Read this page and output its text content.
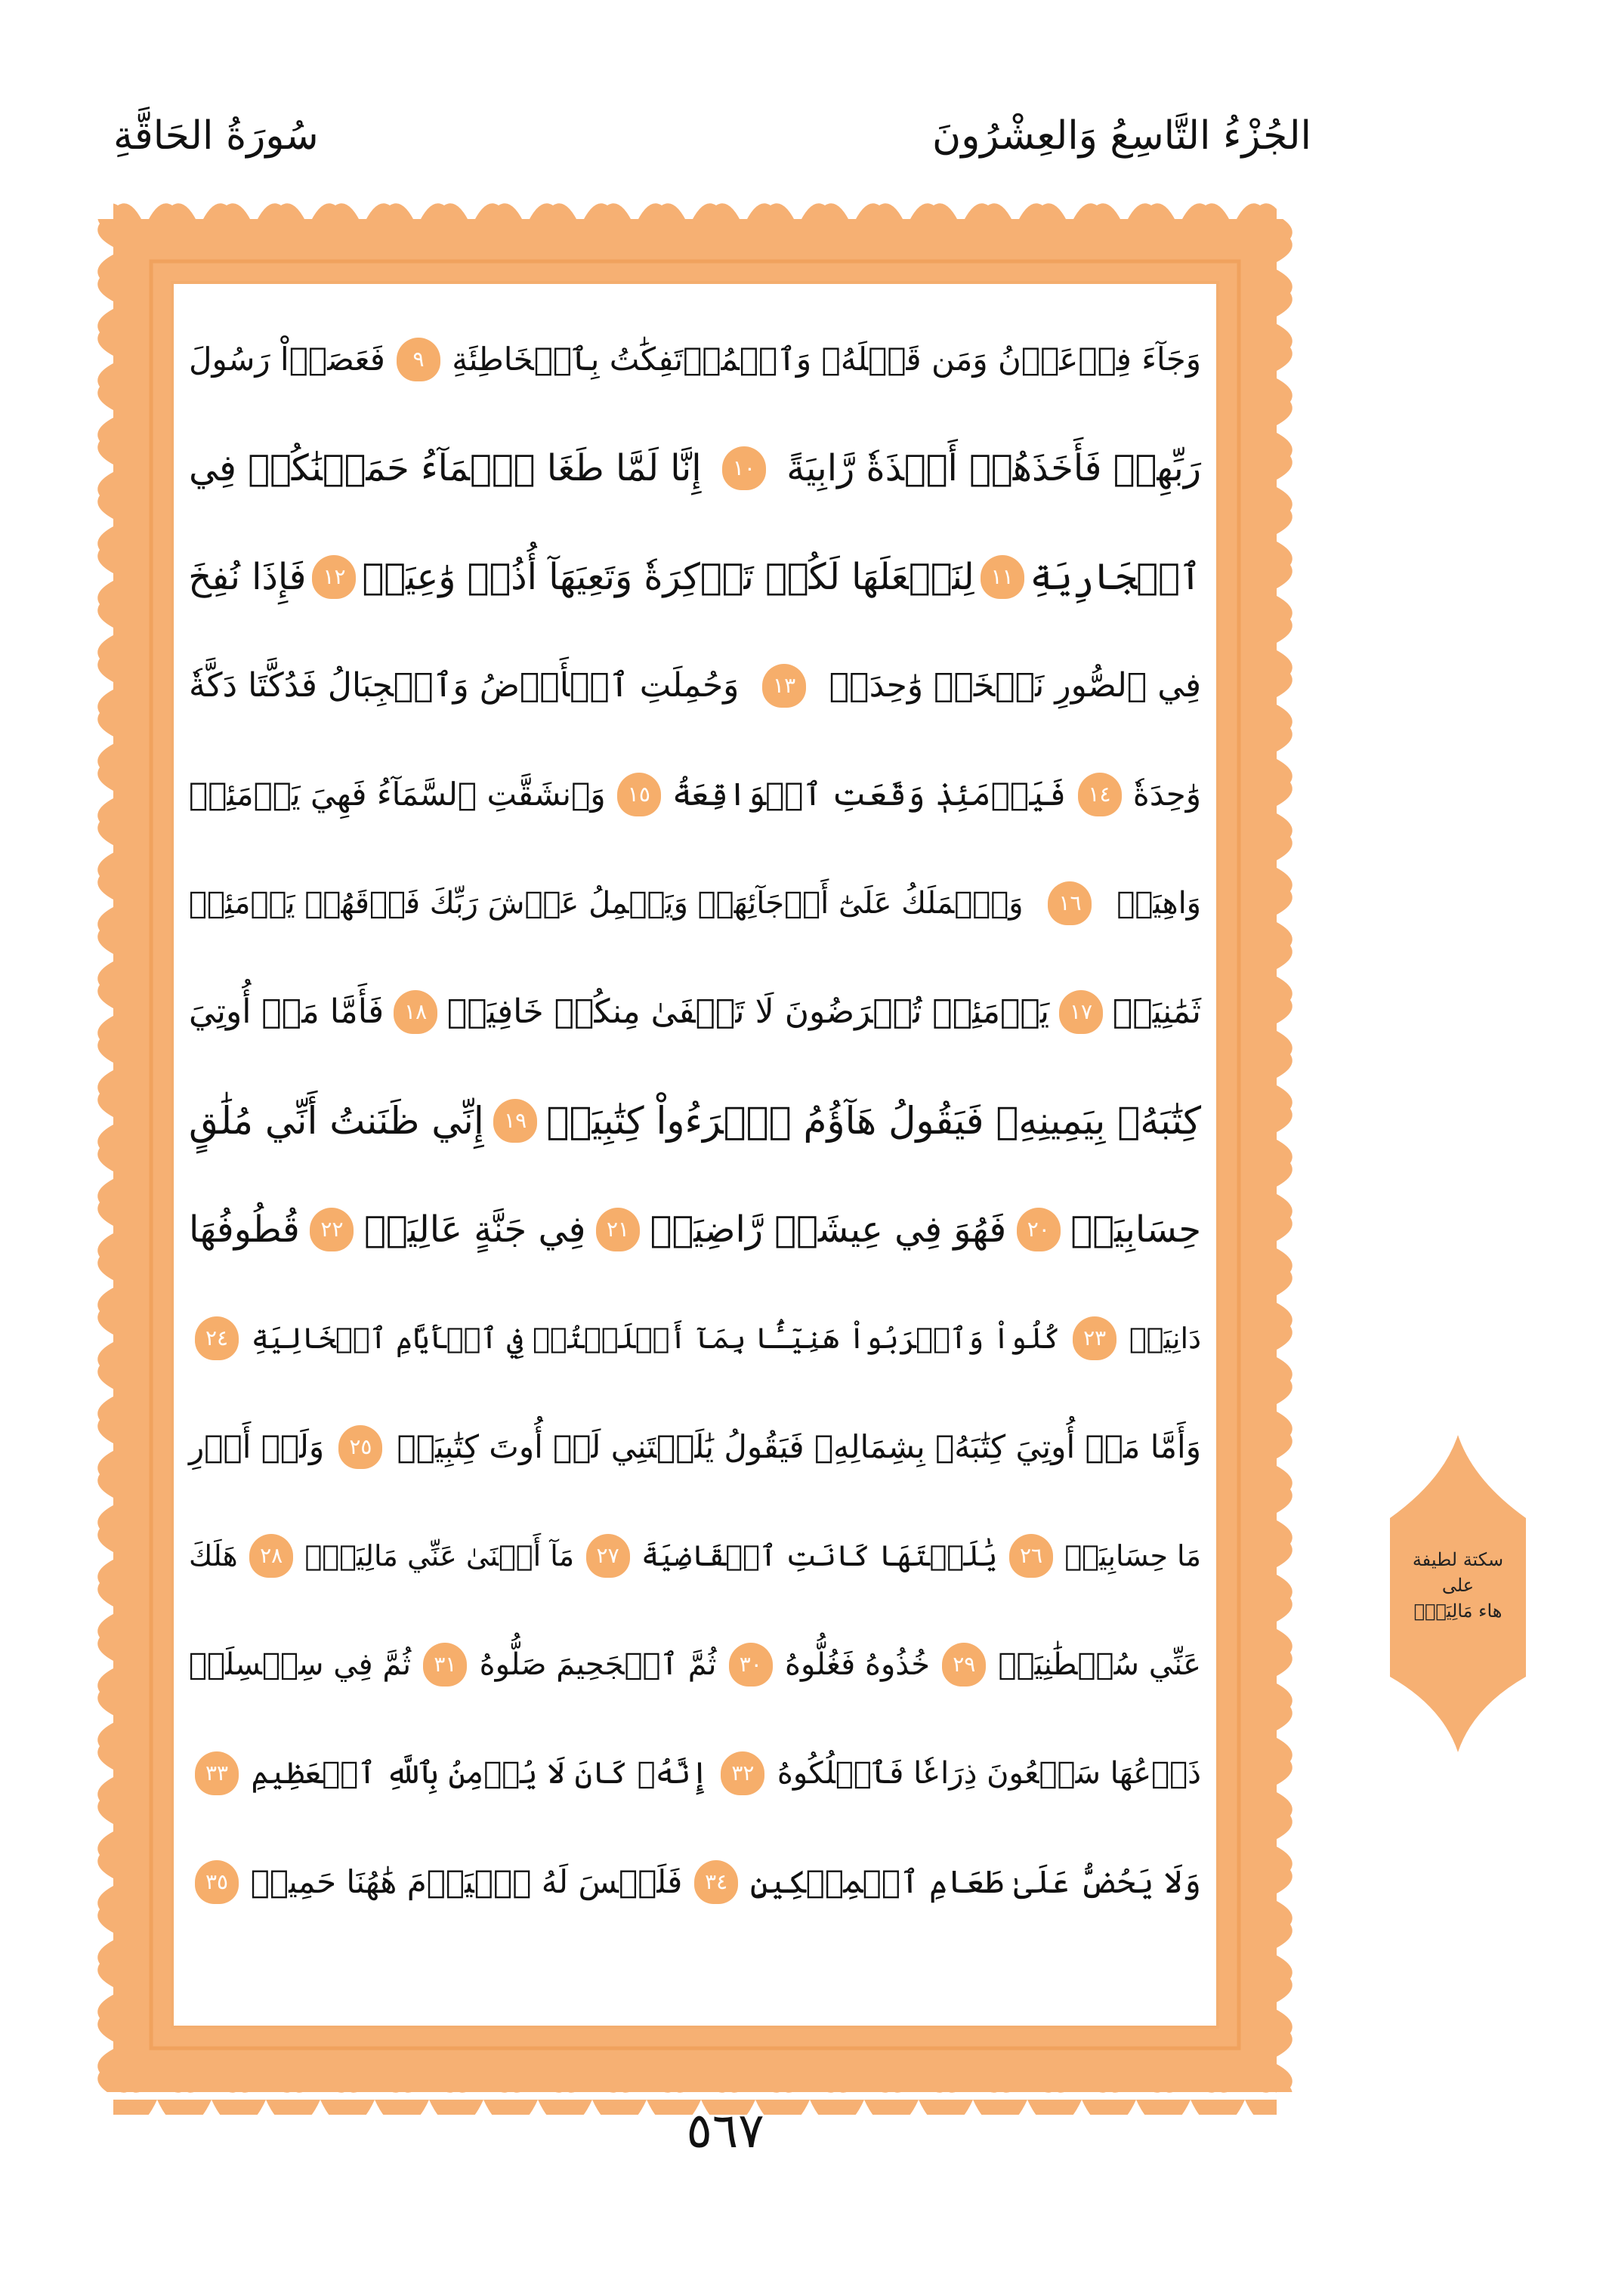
سُورَةُ الحَاقَّةِ	الجُزْءُ التَّاسِعُ وَالعِشْرُونَ
وَجَآءَ فِرۡعَوۡنُ وَمَن قَبۡلَهُۥ وَٱلۡمُؤۡتَفِكَٰتُ بِٱلۡخَاطِئَةِ
٩
فَعَصَوۡاْ رَسُولَ
رَبِّهِمۡ فَأَخَذَهُمۡ أَخۡذَةٗ رَّابِيَةً
١٠
إِنَّا لَمَّا طَغَا ٱلۡمَآءُ حَمَلۡنَٰكُمۡ فِي
ٱلۡجَارِيَةِ
١١
لِنَجۡعَلَهَا لَكُمۡ تَذۡكِرَةٗ وَتَعِيَهَآ أُذُنٞ وَٰعِيَةٞ
١٢
فَإِذَا نُفِخَ
فِي ٱلصُّورِ نَفۡخَةٞ وَٰحِدَةٞ
١٣
وَحُمِلَتِ ٱلۡأَرۡضُ وَٱلۡجِبَالُ فَدُكَّتَا دَكَّةٗ
وَٰحِدَةٗ
١٤
فَيَوۡمَئِذٖ وَقَعَتِ ٱلۡوَاقِعَةُ
١٥
وَٱنشَقَّتِ ٱلسَّمَآءُ فَهِيَ يَوۡمَئِذٖ
وَاهِيَةٞ
١٦
وَٱلۡمَلَكُ عَلَىٰٓ أَرۡجَآئِهَاۚ وَيَحۡمِلُ عَرۡشَ رَبِّكَ فَوۡقَهُمۡ يَوۡمَئِذٖ
ثَمَٰنِيَةٞ
١٧
يَوۡمَئِذٖ تُعۡرَضُونَ لَا تَخۡفَىٰ مِنكُمۡ خَافِيَةٞ
١٨
فَأَمَّا مَنۡ أُوتِيَ
كِتَٰبَهُۥ بِيَمِينِهِۦ فَيَقُولُ هَآؤُمُ ٱقۡرَءُواْ كِتَٰبِيَهۡ
١٩
إِنِّي ظَنَنتُ أَنِّي مُلَٰقٍ
حِسَابِيَهۡ
٢٠
فَهُوَ فِي عِيشَةٖ رَّاضِيَةٖ
٢١
فِي جَنَّةٍ عَالِيَةٖ
٢٢
قُطُوفُهَا
دَانِيَةٞ
٢٣
كُلُواْ وَٱشۡرَبُواْ هَنِيٓـَٔۢا بِمَآ أَسۡلَفۡتُمۡ فِي ٱلۡأَيَّامِ ٱلۡخَالِيَةِ
٢٤
وَأَمَّا مَنۡ أُوتِيَ كِتَٰبَهُۥ بِشِمَالِهِۦ فَيَقُولُ يَٰلَيۡتَنِي لَمۡ أُوتَ كِتَٰبِيَهۡ
٢٥
وَلَمۡ أَدۡرِ
مَا حِسَابِيَهۡ
٢٦
يَٰلَيۡتَهَا كَانَتِ ٱلۡقَاضِيَةَ
٢٧
مَآ أَغۡنَىٰ عَنِّي مَالِيَهۡۜ
٢٨
هَلَكَ
عَنِّي سُلۡطَٰنِيَهۡ
٢٩
خُذُوهُ فَغُلُّوهُ
٣٠
ثُمَّ ٱلۡجَحِيمَ صَلُّوهُ
٣١
ثُمَّ فِي سِلۡسِلَةٖ
ذَرۡعُهَا سَبۡعُونَ ذِرَاعٗا فَٱسۡلُكُوهُ
٣٢
إِنَّهُۥ كَانَ لَا يُؤۡمِنُ بِٱللَّهِ ٱلۡعَظِيمِ
٣٣
وَلَا يَحُضُّ عَلَىٰ طَعَامِ ٱلۡمِسۡكِينِ
٣٤
فَلَيۡسَ لَهُ ٱلۡيَوۡمَ هَٰهُنَا حَمِيمٞ
٣٥
سكتة لطيفة
على
هاء مَالِيَهۡۜ
٥٦٧
